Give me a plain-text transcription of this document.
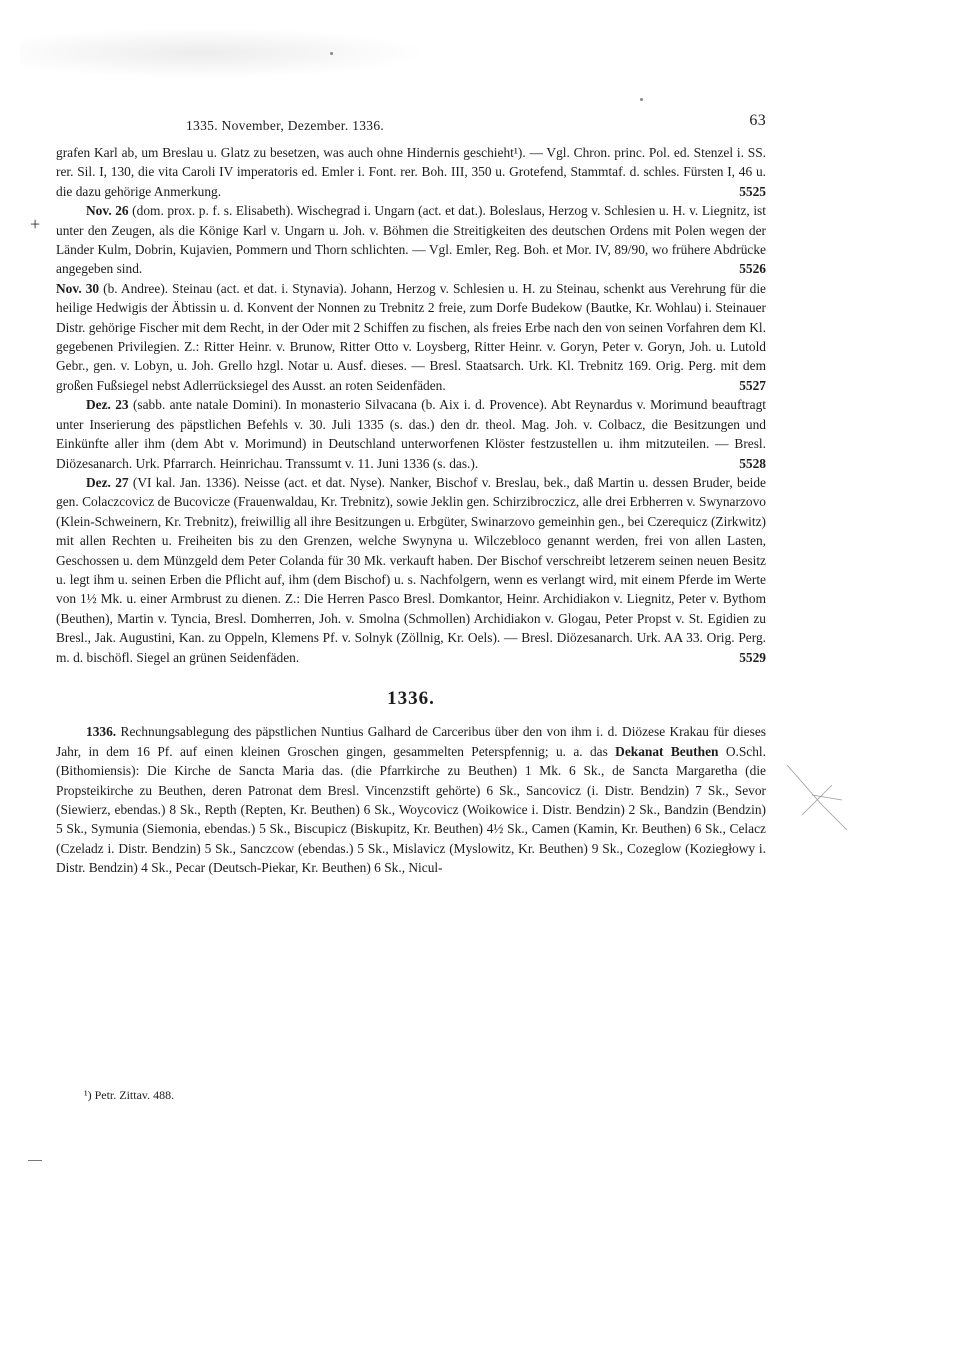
+
1335. November, Dezember. 1336.	63

grafen Karl ab, um Breslau u. Glatz zu besetzen, was auch ohne Hindernis geschieht¹). — Vgl. Chron. princ. Pol. ed. Stenzel i. SS. rer. Sil. I, 130, die vita Caroli IV imperatoris ed. Emler i. Font. rer. Boh. III, 350 u. Grotefend, Stammtaf. d. schles. Fürsten I, 46 u. die dazu gehörige Anmerkung.	5525

Nov. 26 (dom. prox. p. f. s. Elisabeth). Wischegrad i. Ungarn (act. et dat.). Boleslaus, Herzog v. Schlesien u. H. v. Liegnitz, ist unter den Zeugen, als die Könige Karl v. Ungarn u. Joh. v. Böhmen die Streitigkeiten des deutschen Ordens mit Polen wegen der Länder Kulm, Dobrin, Kujavien, Pommern und Thorn schlichten. — Vgl. Emler, Reg. Boh. et Mor. IV, 89/90, wo frühere Abdrücke angegeben sind.	5526

Nov. 30 (b. Andree). Steinau (act. et dat. i. Stynavia). Johann, Herzog v. Schlesien u. H. zu Steinau, schenkt aus Verehrung für die heilige Hedwigis der Äbtissin u. d. Konvent der Nonnen zu Trebnitz 2 freie, zum Dorfe Budekow (Bautke, Kr. Wohlau) i. Steinauer Distr. gehörige Fischer mit dem Recht, in der Oder mit 2 Schiffen zu fischen, als freies Erbe nach den von seinen Vorfahren dem Kl. gegebenen Privilegien. Z.: Ritter Heinr. v. Brunow, Ritter Otto v. Loysberg, Ritter Heinr. v. Goryn, Peter v. Goryn, Joh. u. Lutold Gebr., gen. v. Lobyn, u. Joh. Grello hzgl. Notar u. Ausf. dieses. — Bresl. Staatsarch. Urk. Kl. Trebnitz 169. Orig. Perg. mit dem großen Fußsiegel nebst Adlerrücksiegel des Ausst. an roten Seidenfäden.	5527

Dez. 23 (sabb. ante natale Domini). In monasterio Silvacana (b. Aix i. d. Provence). Abt Reynardus v. Morimund beauftragt unter Inserierung des päpstlichen Befehls v. 30. Juli 1335 (s. das.) den dr. theol. Mag. Joh. v. Colbacz, die Besitzungen und Einkünfte aller ihm (dem Abt v. Morimund) in Deutschland unterworfenen Klöster festzustellen u. ihm mitzuteilen. — Bresl. Diözesanarch. Urk. Pfarrarch. Heinrichau. Transsumt v. 11. Juni 1336 (s. das.).	5528

Dez. 27 (VI kal. Jan. 1336). Neisse (act. et dat. Nyse). Nanker, Bischof v. Breslau, bek., daß Martin u. dessen Bruder, beide gen. Colaczcovicz de Bucovicze (Frauenwaldau, Kr. Trebnitz), sowie Jeklin gen. Schirzibroczicz, alle drei Erbherren v. Swynarzovo (Klein-Schweinern, Kr. Trebnitz), freiwillig all ihre Besitzungen u. Erbgüter, Swinarzovo gemeinhin gen., bei Czerequicz (Zirkwitz) mit allen Rechten u. Freiheiten bis zu den Grenzen, welche Swynyna u. Wilczebloco genannt werden, frei von allen Lasten, Geschossen u. dem Münzgeld dem Peter Colanda für 30 Mk. verkauft haben. Der Bischof verschreibt letzerem seinen neuen Besitz u. legt ihm u. seinen Erben die Pflicht auf, ihm (dem Bischof) u. s. Nachfolgern, wenn es verlangt wird, mit einem Pferde im Werte von 1½ Mk. u. einer Armbrust zu dienen. Z.: Die Herren Pasco Bresl. Domkantor, Heinr. Archidiakon v. Liegnitz, Peter v. Bythom (Beuthen), Martin v. Tyncia, Bresl. Domherren, Joh. v. Smolna (Schmollen) Archidiakon v. Glogau, Peter Propst v. St. Egidien zu Bresl., Jak. Augustini, Kan. zu Oppeln, Klemens Pf. v. Solnyk (Zöllnig, Kr. Oels). — Bresl. Diözesanarch. Urk. AA 33. Orig. Perg. m. d. bischöfl. Siegel an grünen Seidenfäden.	5529

1336.

1336. Rechnungsablegung des päpstlichen Nuntius Galhard de Carceribus über den von ihm i. d. Diözese Krakau für dieses Jahr, in dem 16 Pf. auf einen kleinen Groschen gingen, gesammelten Peterspfennig; u. a. das Dekanat Beuthen O.Schl. (Bithomiensis): Die Kirche de Sancta Maria das. (die Pfarrkirche zu Beuthen) 1 Mk. 6 Sk., de Sancta Margaretha (die Propsteikirche zu Beuthen, deren Patronat dem Bresl. Vincenzstift gehörte) 6 Sk., Sancovicz (i. Distr. Bendzin) 7 Sk., Sevor (Siewierz, ebendas.) 8 Sk., Repth (Repten, Kr. Beuthen) 6 Sk., Woycovicz (Woikowice i. Distr. Bendzin) 2 Sk., Bandzin (Bendzin) 5 Sk., Symunia (Siemonia, ebendas.) 5 Sk., Biscupicz (Biskupitz, Kr. Beuthen) 4½ Sk., Camen (Kamin, Kr. Beuthen) 6 Sk., Celacz (Czeladz i. Distr. Bendzin) 5 Sk., Sanczcow (ebendas.) 5 Sk., Mislavicz (Myslowitz, Kr. Beuthen) 9 Sk., Cozeglow (Koziegłowy i. Distr. Bendzin) 4 Sk., Pecar (Deutsch-Piekar, Kr. Beuthen) 6 Sk., Nicul-

¹) Petr. Zittav. 488.
